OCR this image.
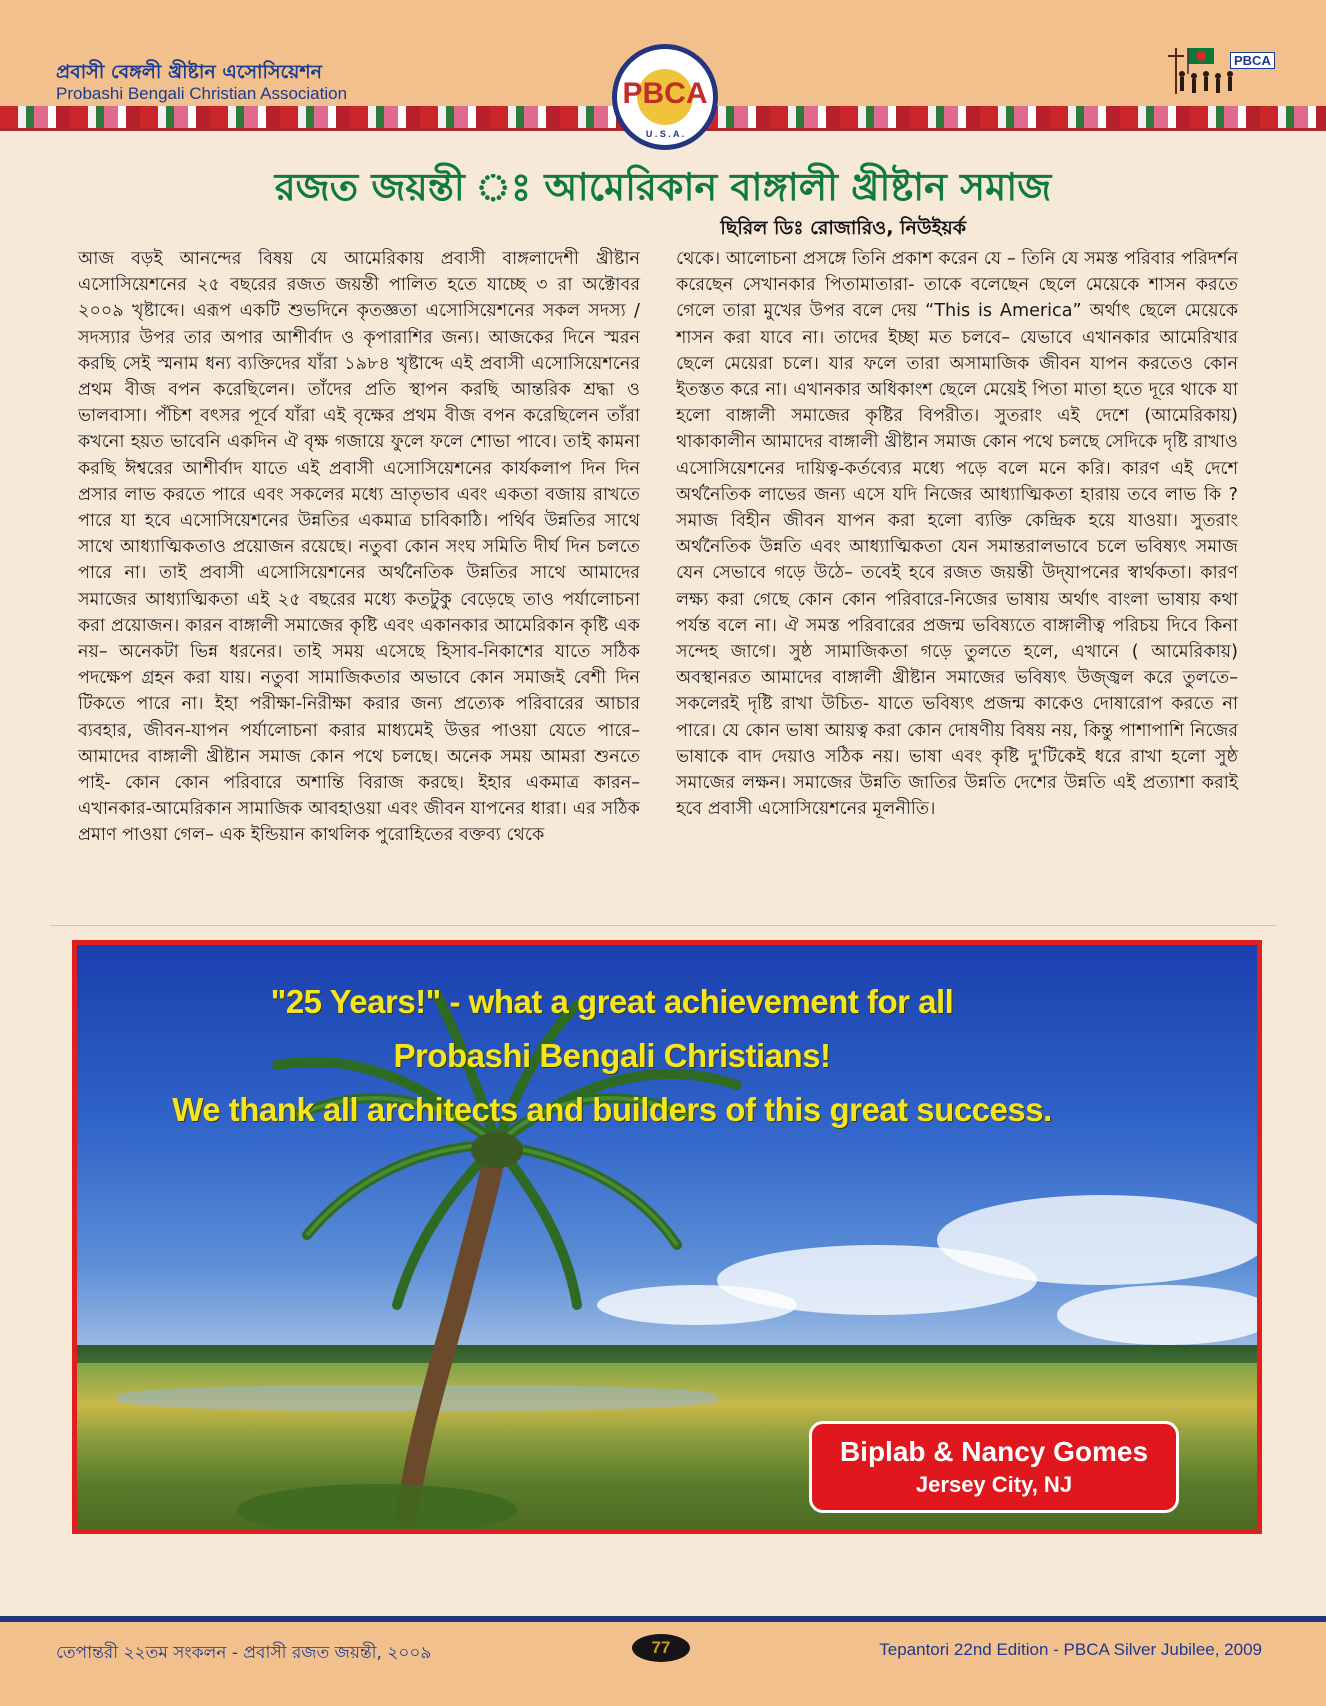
প্রবাসী বেঙ্গলী খ্রীষ্টান এসোসিয়েশন
Probashi Bengali Christian Association
PBCA
PBCA
U . S . A .
রজত জয়ন্তী ঃ আমেরিকান বাঙ্গালী খ্রীষ্টান সমাজ
ছিরিল ডিঃ রোজারিও, নিউইয়র্ক

আজ বড়ই আনন্দের বিষয় যে আমেরিকায় প্রবাসী বাঙ্গলাদেশী খ্রীষ্টান এসোসিয়েশনের ২৫ বছরের রজত জয়ন্তী পালিত হতে যাচ্ছে ৩ রা অক্টোবর ২০০৯ খৃষ্টাব্দে। এরূপ একটি শুভদিনে কৃতজ্ঞতা এসোসিয়েশনের সকল সদস্য / সদস্যার উপর তার অপার আশীর্বাদ ও কৃপারাশির জন্য। আজকের দিনে স্মরন করছি সেই স্মনাম ধন্য ব্যক্তিদের যাঁরা ১৯৮৪ খৃষ্টাব্দে এই প্রবাসী এসোসিয়েশনের প্রথম বীজ বপন করেছিলেন। তাঁদের প্রতি স্থাপন করছি আন্তরিক শ্রদ্ধা ও ভালবাসা। পঁচিশ বৎসর পূর্বে যাঁরা এই বৃক্ষের প্রথম বীজ বপন করেছিলেন তাঁরা কখনো হয়ত ভাবেনি একদিন ঐ বৃক্ষ গজায়ে ফুলে ফলে শোভা পাবে। তাই কামনা করছি ঈশ্বরের আশীর্বাদ যাতে এই প্রবাসী এসোসিয়েশনের কার্যকলাপ দিন দিন প্রসার লাভ করতে পারে এবং সকলের মধ্যে ভ্রাতৃভাব এবং একতা বজায় রাখতে পারে যা হবে এসোসিয়েশনের উন্নতির একমাত্র চাবিকাঠি। পর্থিব উন্নতির সাথে সাথে আধ্যাত্মিকতাও প্রয়োজন রয়েছে। নতুবা কোন সংঘ সমিতি দীর্ঘ দিন চলতে পারে না। তাই প্রবাসী এসোসিয়েশনের অর্থনৈতিক উন্নতির সাথে আমাদের সমাজের আধ্যাত্মিকতা এই ২৫ বছরের মধ্যে কতটুকু বেড়েছে তাও পর্যালোচনা করা প্রয়োজন। কারন বাঙ্গালী সমাজের কৃষ্টি এবং একানকার আমেরিকান কৃষ্টি এক নয়– অনেকটা ভিন্ন ধরনের। তাই সময় এসেছে হিসাব-নিকাশের যাতে সঠিক পদক্ষেপ গ্রহন করা যায়। নতুবা সামাজিকতার অভাবে কোন সমাজই বেশী দিন টিকতে পারে না। ইহা পরীক্ষা-নিরীক্ষা করার জন্য প্রত্যেক পরিবারের আচার ব্যবহার, জীবন-যাপন পর্যালোচনা করার মাধ্যমেই উত্তর পাওয়া যেতে পারে– আমাদের বাঙ্গালী খ্রীষ্টান সমাজ কোন পথে চলছে। অনেক সময় আমরা শুনতে পাই- কোন কোন পরিবারে অশান্তি বিরাজ করছে। ইহার একমাত্র কারন– এখানকার-আমেরিকান সামাজিক আবহাওয়া এবং জীবন যাপনের ধারা। এর সঠিক প্রমাণ পাওয়া গেল– এক ইন্ডিয়ান কাথলিক পুরোহিতের বক্তব্য থেকে

থেকে। আলোচনা প্রসঙ্গে তিনি প্রকাশ করেন যে – তিনি যে সমস্ত পরিবার পরিদর্শন করেছেন সেখানকার পিতামাতারা- তাকে বলেছেন ছেলে মেয়েকে শাসন করতে গেলে তারা মুখের উপর বলে দেয় “This is America” অর্থাৎ ছেলে মেয়েকে শাসন করা যাবে না। তাদের ইচ্ছা মত চলবে– যেভাবে এখানকার আমেরিখার ছেলে মেয়েরা চলে। যার ফলে তারা অসামাজিক জীবন যাপন করতেও কোন ইতস্তত করে না। এখানকার অধিকাংশ ছেলে মেয়েই পিতা মাতা হতে দূরে থাকে যা হলো বাঙ্গালী সমাজের কৃষ্টির বিপরীত। সুতরাং এই দেশে (আমেরিকায়) থাকাকালীন আমাদের বাঙ্গালী খ্রীষ্টান সমাজ কোন পথে চলছে সেদিকে দৃষ্টি রাখাও এসোসিয়েশনের দায়িত্ব-কর্তব্যের মধ্যে পড়ে বলে মনে করি। কারণ এই দেশে অর্থনৈতিক লাভের জন্য এসে যদি নিজের আধ্যাত্মিকতা হারায় তবে লাভ কি ? সমাজ বিহীন জীবন যাপন করা হলো ব্যক্তি কেন্দ্রিক হয়ে যাওয়া। সুতরাং অর্থনৈতিক উন্নতি এবং আধ্যাত্মিকতা যেন সমান্তরালভাবে চলে ভবিষ্যৎ সমাজ যেন সেভাবে গড়ে উঠে– তবেই হবে রজত জয়ন্তী উদ্‌যাপনের স্বার্থকতা। কারণ লক্ষ্য করা গেছে কোন কোন পরিবারে-নিজের ভাষায় অর্থাৎ বাংলা ভাষায় কথা পর্যন্ত বলে না। ঐ সমস্ত পরিবারের প্রজন্ম ভবিষ্যতে বাঙ্গালীত্ব পরিচয় দিবে কিনা সন্দেহ জাগে। সুষ্ঠ সামাজিকতা গড়ে তুলতে হলে, এখানে ( আমেরিকায়) অবস্থানরত আমাদের বাঙ্গালী খ্রীষ্টান সমাজের ভবিষ্যৎ উজ্জ্বল করে তুলতে– সকলেরই দৃষ্টি রাখা উচিত- যাতে ভবিষ্যৎ প্রজন্ম কাকেও দোষারোপ করতে না পারে। যে কোন ভাষা আয়ত্ব করা কোন দোষণীয় বিষয় নয়, কিন্তু পাশাপাশি নিজের ভাষাকে বাদ দেয়াও সঠিক নয়। ভাষা এবং কৃষ্টি দু'টিকেই ধরে রাখা হলো সুষ্ঠ সমাজের লক্ষন। সমাজের উন্নতি জাতির উন্নতি দেশের উন্নতি এই প্রত্যাশা করাই হবে প্রবাসী এসোসিয়েশনের মূলনীতি।

"25 Years!" - what a great achievement for all
Probashi Bengali Christians!
We thank all architects and builders of this great success.
Biplab & Nancy Gomes
Jersey City, NJ
তেপান্তরী ২২তম সংকলন - প্রবাসী রজত জয়ন্তী, ২০০৯	77	Tepantori 22nd Edition - PBCA Silver Jubilee, 2009
